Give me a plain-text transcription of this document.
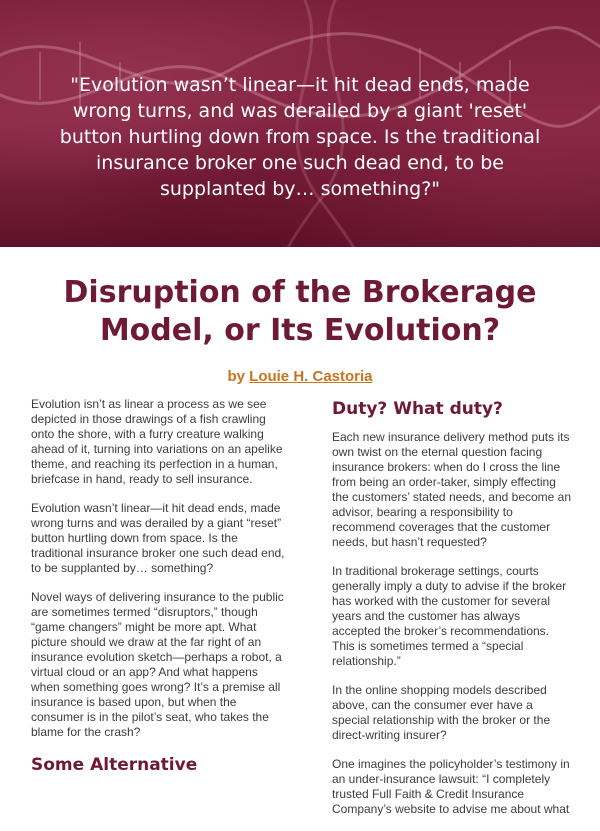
"Evolution wasn’t linear—it hit dead ends, made wrong turns, and was derailed by a giant 'reset' button hurtling down from space. Is the traditional insurance broker one such dead end, to be supplanted by… something?"
Disruption of the Brokerage Model, or Its Evolution?
by Louie H. Castoria

Evolution isn’t as linear a process as we see depicted in those drawings of a fish crawling onto the shore, with a furry creature walking ahead of it, turning into variations on an apelike theme, and reaching its perfection in a human, briefcase in hand, ready to sell insurance.

Evolution wasn’t linear—it hit dead ends, made wrong turns and was derailed by a giant “reset” button hurtling down from space. Is the traditional insurance broker one such dead end, to be supplanted by… something?

Novel ways of delivering insurance to the public are sometimes termed “disruptors,” though “game changers” might be more apt. What picture should we draw at the far right of an insurance evolution sketch—perhaps a robot, a virtual cloud or an app? And what happens when something goes wrong? It’s a premise all insurance is based upon, but when the consumer is in the pilot’s seat, who takes the blame for the crash?

Some Alternative
Duty? What duty?

Each new insurance delivery method puts its own twist on the eternal question facing insurance brokers: when do I cross the line from being an order-taker, simply effecting the customers’ stated needs, and become an advisor, bearing a responsibility to recommend coverages that the customer needs, but hasn’t requested?

In traditional brokerage settings, courts generally imply a duty to advise if the broker has worked with the customer for several years and the customer has always accepted the broker’s recommendations. This is sometimes termed a “special relationship.”

In the online shopping models described above, can the consumer ever have a special relationship with the broker or the direct-writing insurer?

One imagines the policyholder’s testimony in an under-insurance lawsuit: “I completely trusted Full Faith & Credit Insurance Company’s website to advise me about what
